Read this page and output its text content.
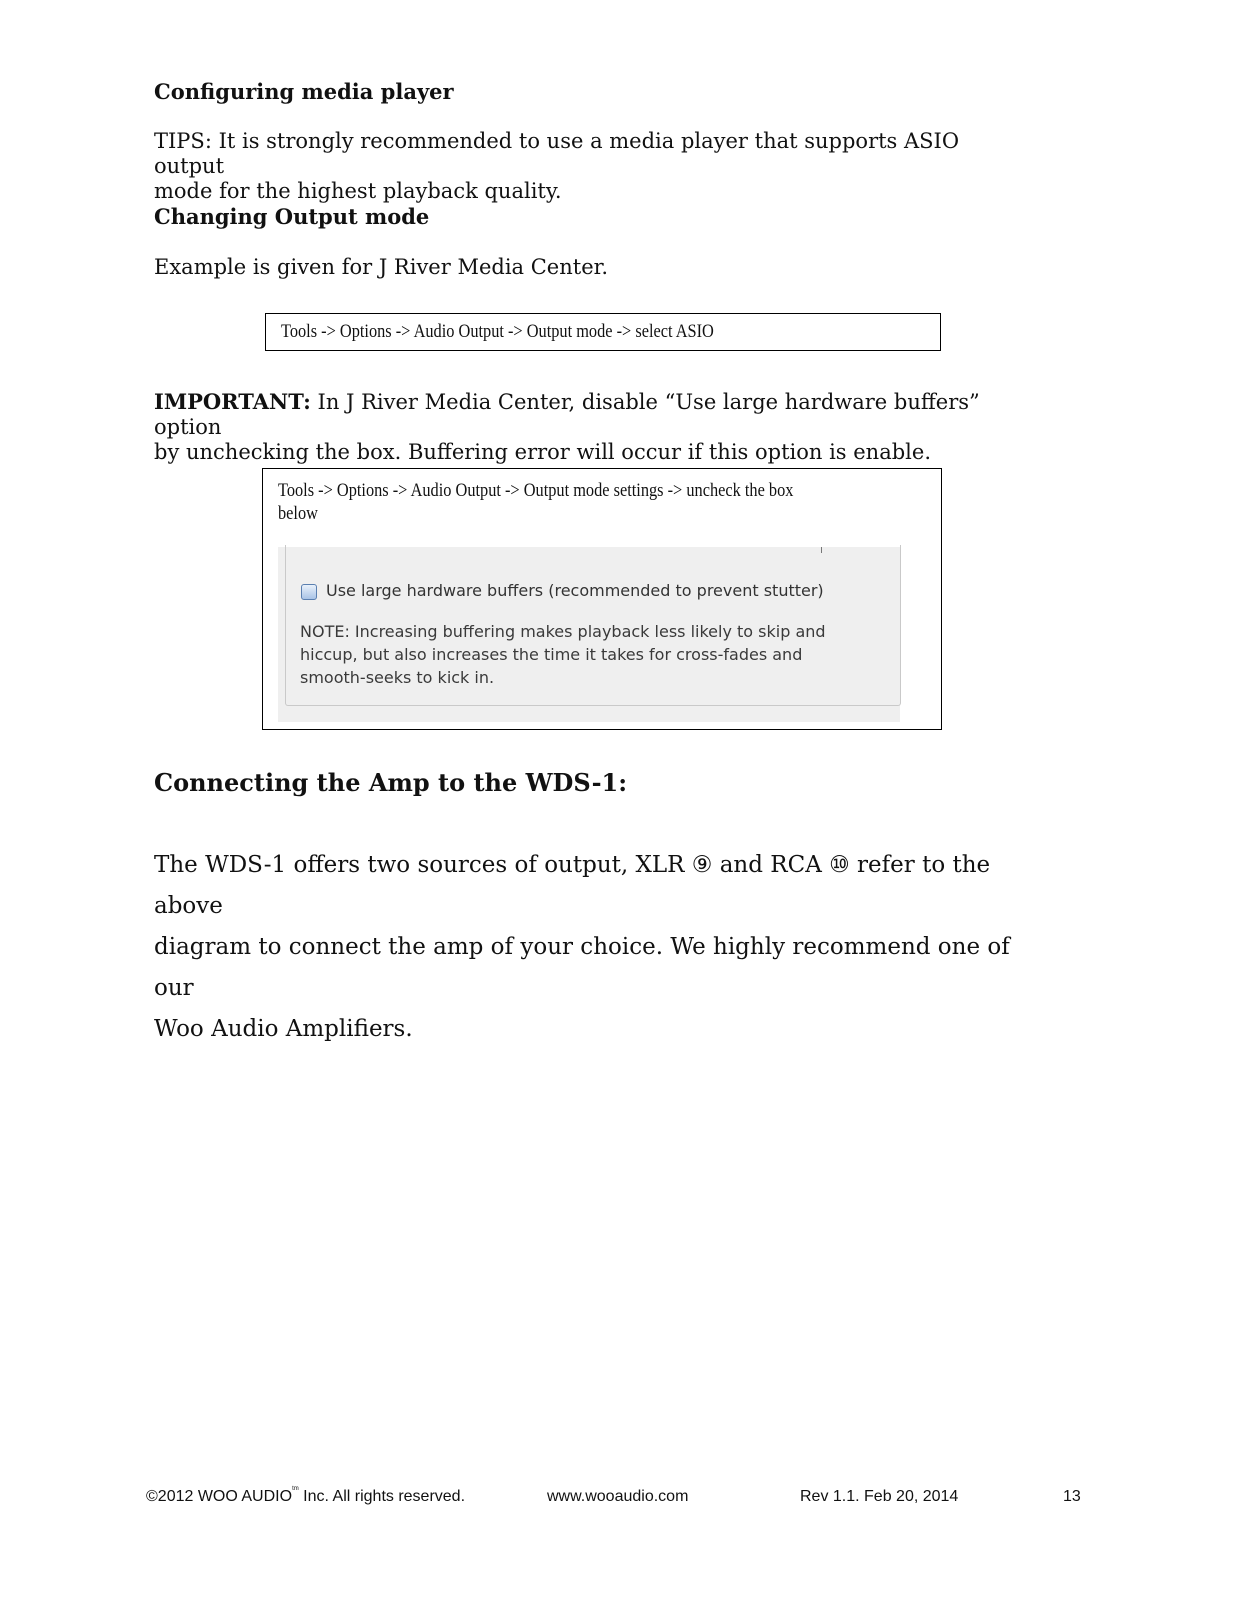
Configuring media player
TIPS: It is strongly recommended to use a media player that supports ASIO output
mode for the highest playback quality.
Changing Output mode
Example is given for J River Media Center.
Tools -> Options -> Audio Output -> Output mode -> select ASIO
IMPORTANT: In J River Media Center, disable “Use large hardware buffers” option
by unchecking the box. Buffering error will occur if this option is enable.
Tools -> Options -> Audio Output -> Output mode settings -> uncheck the box
below
Use large hardware buffers (recommended to prevent stutter)
NOTE: Increasing buffering makes playback less likely to skip and
hiccup, but also increases the time it takes for cross-fades and
smooth-seeks to kick in.
Connecting the Amp to the WDS-1:
The WDS-1 offers two sources of output, XLR ⑨ and RCA ⑩ refer to the above
diagram to connect the amp of your choice. We highly recommend one of our
Woo Audio Amplifiers.
©2012 WOO $AUDIO^{tm}$ Inc. All rights reserved.	www.wooaudio.com	Rev 1.1. Feb 20, 2014	13
